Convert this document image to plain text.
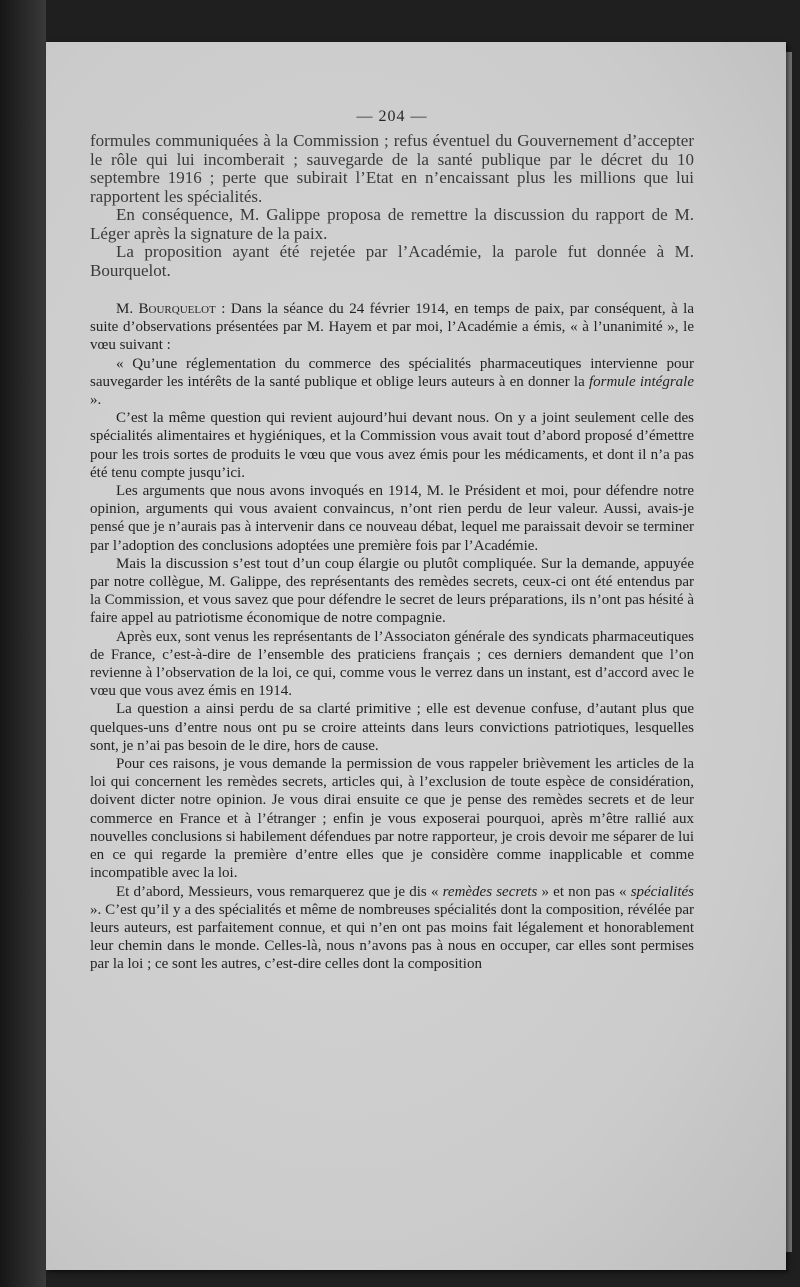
— 204 —

formules communiquées à la Commission ; refus éventuel du Gouvernement d’accepter le rôle qui lui incomberait ; sauvegarde de la santé publique par le décret du 10 septembre 1916 ; perte que subirait l’Etat en n’encaissant plus les millions que lui rapportent les spécialités.

En conséquence, M. Galippe proposa de remettre la discussion du rapport de M. Léger après la signature de la paix.

La proposition ayant été rejetée par l’Académie, la parole fut donnée à M. Bourquelot.

M. Bourquelot : Dans la séance du 24 février 1914, en temps de paix, par conséquent, à la suite d’observations présentées par M. Hayem et par moi, l’Académie a émis, « à l’unanimité », le vœu suivant :

« Qu’une réglementation du commerce des spécialités pharmaceutiques intervienne pour sauvegarder les intérêts de la santé publique et oblige leurs auteurs à en donner la formule intégrale ».

C’est la même question qui revient aujourd’hui devant nous. On y a joint seulement celle des spécialités alimentaires et hygiéniques, et la Commission vous avait tout d’abord proposé d’émettre pour les trois sortes de produits le vœu que vous avez émis pour les médicaments, et dont il n’a pas été tenu compte jusqu’ici.

Les arguments que nous avons invoqués en 1914, M. le Président et moi, pour défendre notre opinion, arguments qui vous avaient convaincus, n’ont rien perdu de leur valeur. Aussi, avais-je pensé que je n’aurais pas à intervenir dans ce nouveau débat, lequel me paraissait devoir se terminer par l’adoption des conclusions adoptées une première fois par l’Académie.

Mais la discussion s’est tout d’un coup élargie ou plutôt compliquée. Sur la demande, appuyée par notre collègue, M. Galippe, des représentants des remèdes secrets, ceux-ci ont été entendus par la Commission, et vous savez que pour défendre le secret de leurs préparations, ils n’ont pas hésité à faire appel au patriotisme économique de notre compagnie.

Après eux, sont venus les représentants de l’Associaton générale des syndicats pharmaceutiques de France, c’est-à-dire de l’ensemble des praticiens français ; ces derniers demandent que l’on revienne à l’observation de la loi, ce qui, comme vous le verrez dans un instant, est d’accord avec le vœu que vous avez émis en 1914.

La question a ainsi perdu de sa clarté primitive ; elle est devenue confuse, d’autant plus que quelques-uns d’entre nous ont pu se croire atteints dans leurs convictions patriotiques, lesquelles sont, je n’ai pas besoin de le dire, hors de cause.

Pour ces raisons, je vous demande la permission de vous rappeler brièvement les articles de la loi qui concernent les remèdes secrets, articles qui, à l’exclusion de toute espèce de considération, doivent dicter notre opinion. Je vous dirai ensuite ce que je pense des remèdes secrets et de leur commerce en France et à l’étranger ; enfin je vous exposerai pourquoi, après m’être rallié aux nouvelles conclusions si habilement défendues par notre rapporteur, je crois devoir me séparer de lui en ce qui regarde la première d’entre elles que je considère comme inapplicable et comme incompatible avec la loi.

Et d’abord, Messieurs, vous remarquerez que je dis « remèdes secrets » et non pas « spécialités ». C’est qu’il y a des spécialités et même de nombreuses spécialités dont la composition, révélée par leurs auteurs, est parfaitement connue, et qui n’en ont pas moins fait légalement et honorablement leur chemin dans le monde. Celles-là, nous n’avons pas à nous en occuper, car elles sont permises par la loi ; ce sont les autres, c’est-dire celles dont la composition
